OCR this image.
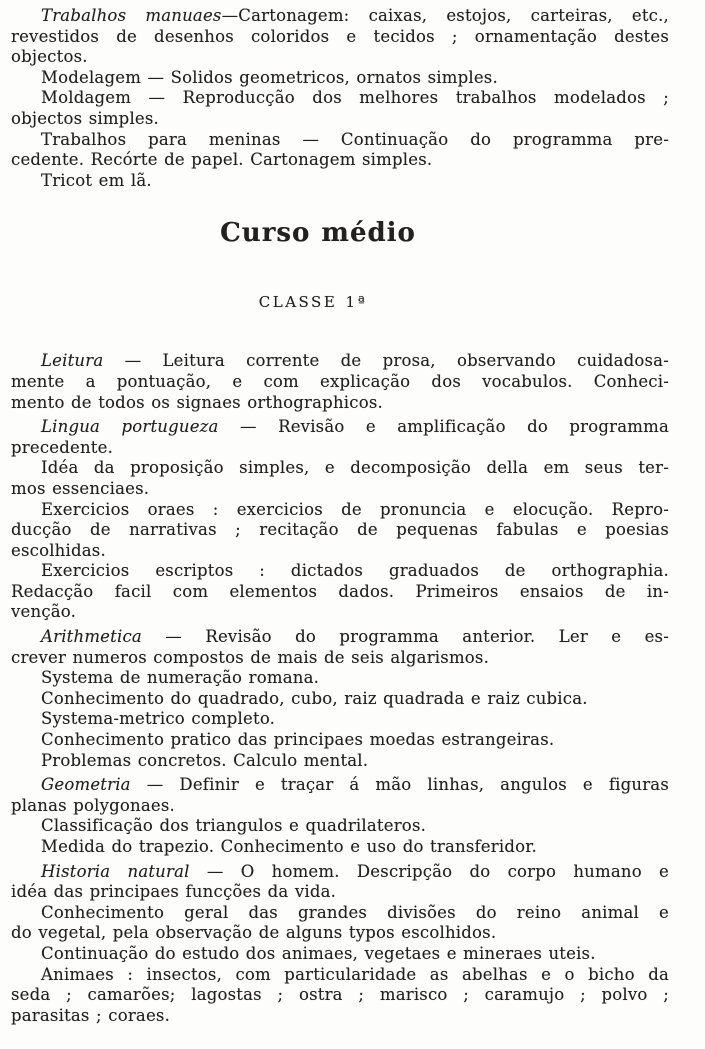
Trabalhos manuaes—Cartonagem: caixas, estojos, carteiras, etc.,
revestidos de desenhos coloridos e tecidos ; ornamentação destes
objectos.

Modelagem — Solidos geometricos, ornatos simples.

Moldagem — Reproducção dos melhores trabalhos modelados ;
objectos simples.

Trabalhos para meninas — Continuação do programma pre-
cedente. Recórte de papel. Cartonagem simples.

Tricot em lã.

Curso médio
CLASSE 1ª

Leitura — Leitura corrente de prosa, observando cuidadosa-
mente a pontuação, e com explicação dos vocabulos. Conheci-
mento de todos os signaes orthographicos.

Lingua portugueza — Revisão e amplificação do programma
precedente.

Idéa da proposição simples, e decomposição della em seus ter-
mos essenciaes.

Exercicios oraes : exercicios de pronuncia e elocução. Repro-
ducção de narrativas ; recitação de pequenas fabulas e poesias
escolhidas.

Exercicios escriptos : dictados graduados de orthographia.
Redacção facil com elementos dados. Primeiros ensaios de in-
venção.

Arithmetica — Revisão do programma anterior. Ler e es-
crever numeros compostos de mais de seis algarismos.

Systema de numeração romana.

Conhecimento do quadrado, cubo, raiz quadrada e raiz cubica.

Systema-metrico completo.

Conhecimento pratico das principaes moedas estrangeiras.

Problemas concretos. Calculo mental.

Geometria — Definir e traçar á mão linhas, angulos e figuras
planas polygonaes.

Classificação dos triangulos e quadrilateros.

Medida do trapezio. Conhecimento e uso do transferidor.

Historia natural — O homem. Descripção do corpo humano e
idéa das principaes funcções da vida.

Conhecimento geral das grandes divisões do reino animal e
do vegetal, pela observação de alguns typos escolhidos.

Continuação do estudo dos animaes, vegetaes e mineraes uteis.

Animaes : insectos, com particularidade as abelhas e o bicho da
seda ; camarões; lagostas ; ostra ; marisco ; caramujo ; polvo ;
parasitas ; coraes.
